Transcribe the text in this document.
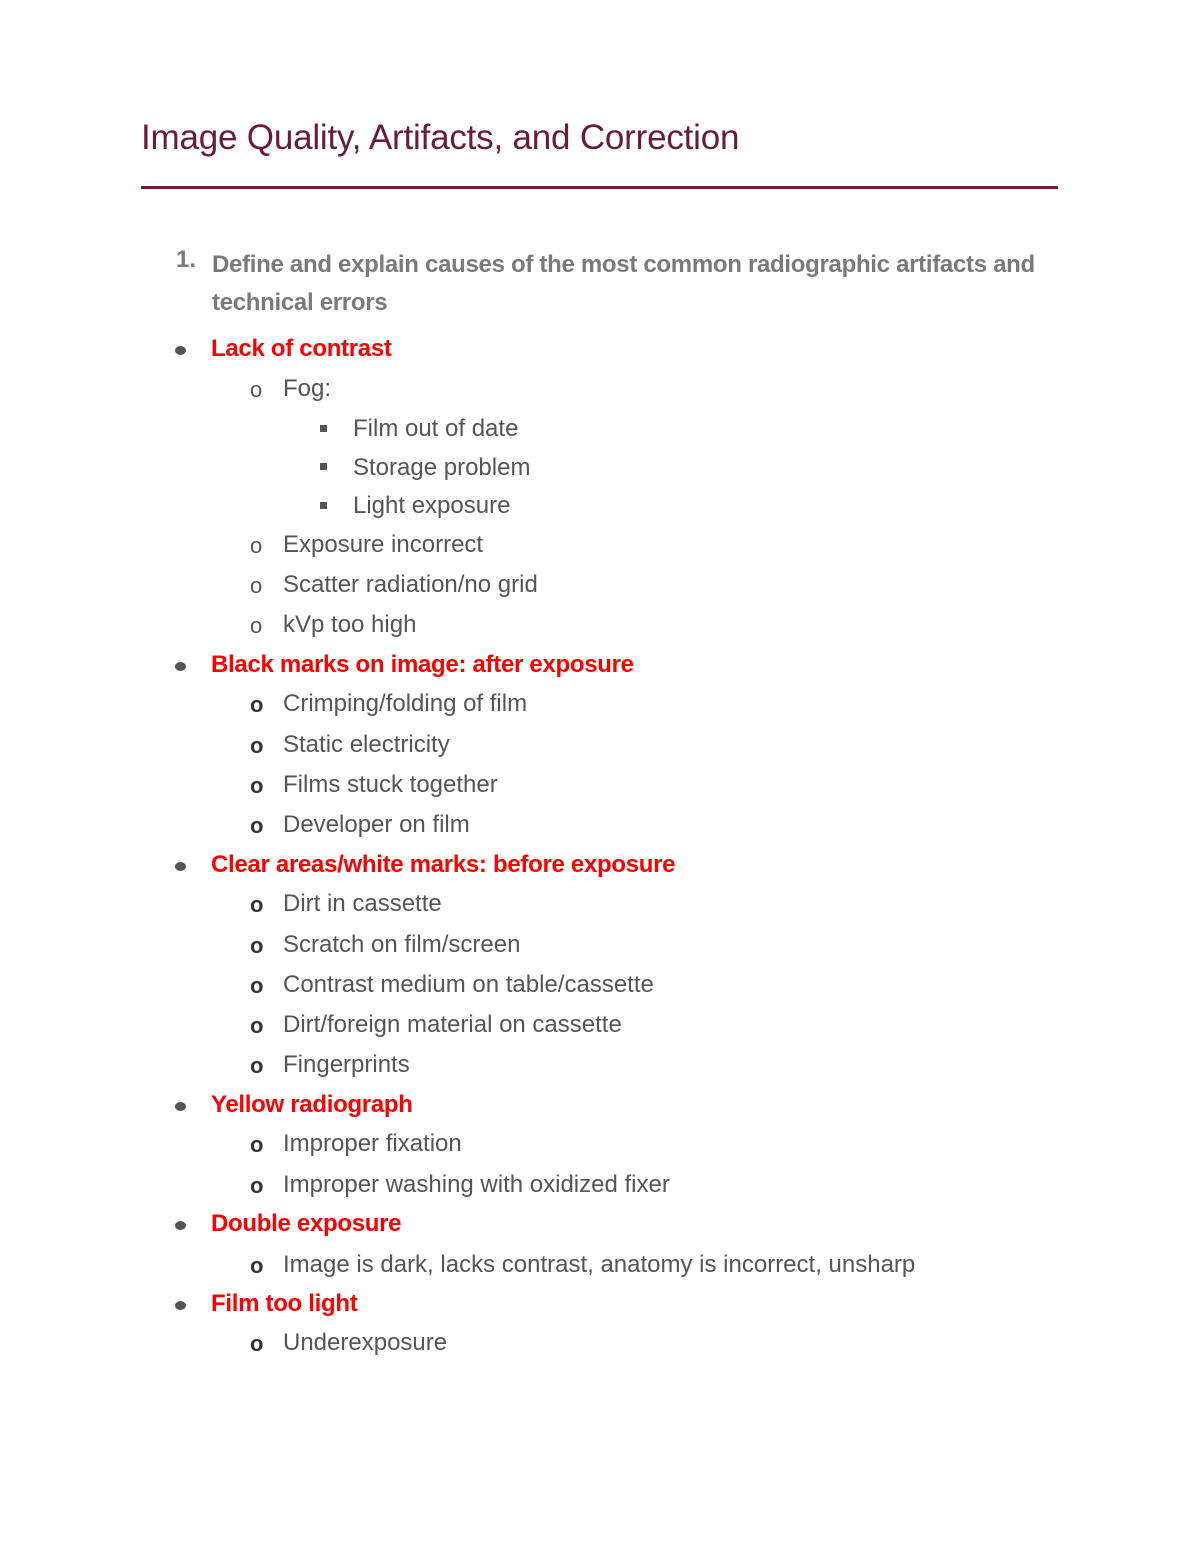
Image Quality, Artifacts, and Correction
1. Define and explain causes of the most common radiographic artifacts and technical errors
Lack of contrast
o Fog:
Film out of date
Storage problem
Light exposure
o Exposure incorrect
o Scatter radiation/no grid
o kVp too high
Black marks on image: after exposure
o Crimping/folding of film
o Static electricity
o Films stuck together
o Developer on film
Clear areas/white marks: before exposure
o Dirt in cassette
o Scratch on film/screen
o Contrast medium on table/cassette
o Dirt/foreign material on cassette
o Fingerprints
Yellow radiograph
o Improper fixation
o Improper washing with oxidized fixer
Double exposure
o Image is dark, lacks contrast, anatomy is incorrect, unsharp
Film too light
o Underexposure
